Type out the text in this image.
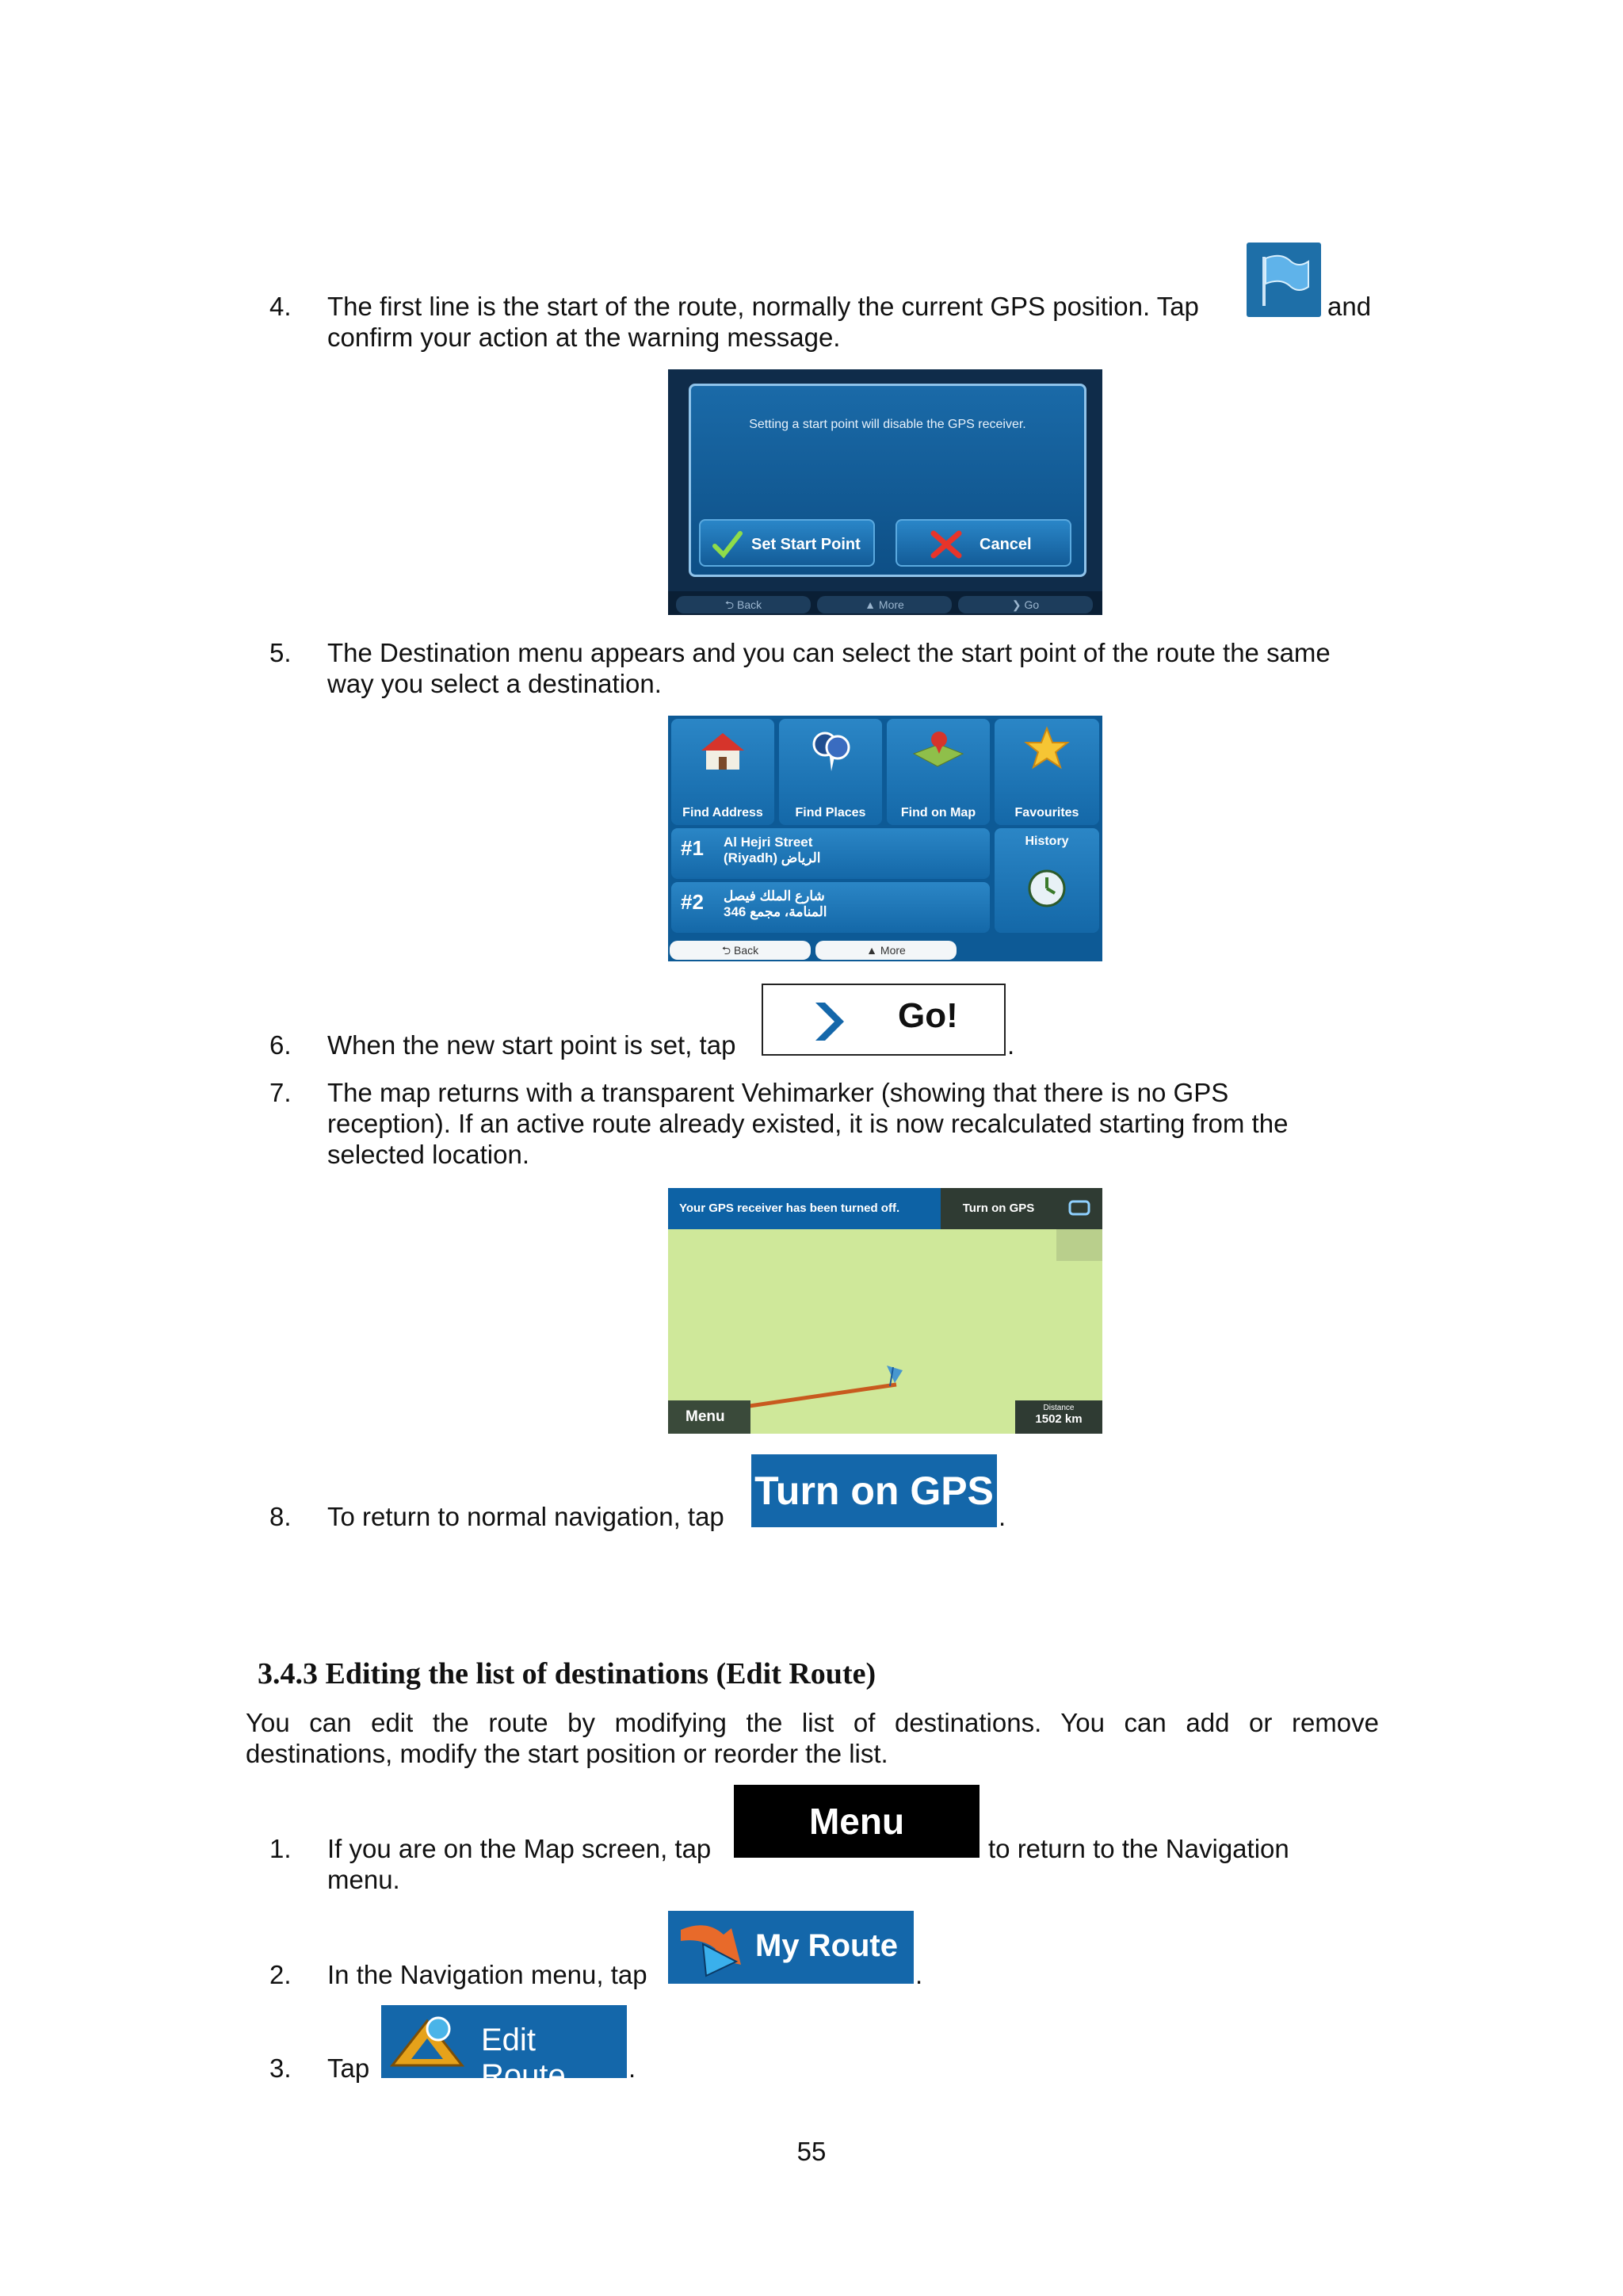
4. The first line is the start of the route, normally the current GPS position. Tap	and
confirm your action at the warning message.
Setting a start point will disable the GPS receiver.
Set Start Point	Cancel
⮌ Back	▲ More	❯ Go
5. The Destination menu appears and you can select the start point of the route the same
way you select a destination.
Find Address	Find Places	Find on Map	Favourites
#1 Al Hejri Street
(Riyadh) الرياض
#2 شارع الملك فيصل
346 المنامة، مجمع
History
⮌ Back	▲ More
6. When the new start point is set, tap
Go!
.
7. The map returns with a transparent Vehimarker (showing that there is no GPS
reception). If an active route already existed, it is now recalculated starting from the
selected location.
Your GPS receiver has been turned off.	Turn on GPS
Menu
Distance
1502 km
8. To return to normal navigation, tap
Turn on GPS
.
3.4.3 Editing the list of destinations (Edit Route)
You can edit the route by modifying the list of destinations. You can add or remove
destinations, modify the start position or reorder the list.
1. If you are on the Map screen, tap
Menu
to return to the Navigation
menu.
2. In the Navigation menu, tap
My Route
.
3. Tap
Edit Route	.
55
